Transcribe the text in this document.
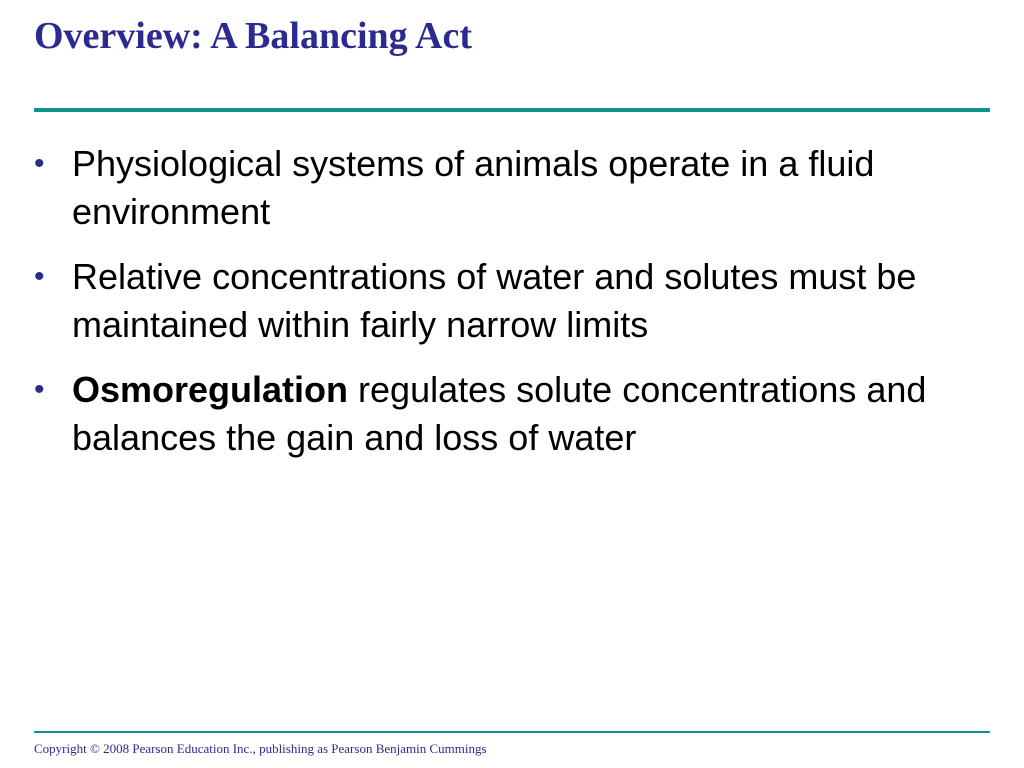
Overview: A Balancing Act
• Physiological systems of animals operate in a fluid environment
• Relative concentrations of water and solutes must be maintained within fairly narrow limits
• Osmoregulation regulates solute concentrations and balances the gain and loss of water
Copyright © 2008 Pearson Education Inc., publishing as Pearson Benjamin Cummings
